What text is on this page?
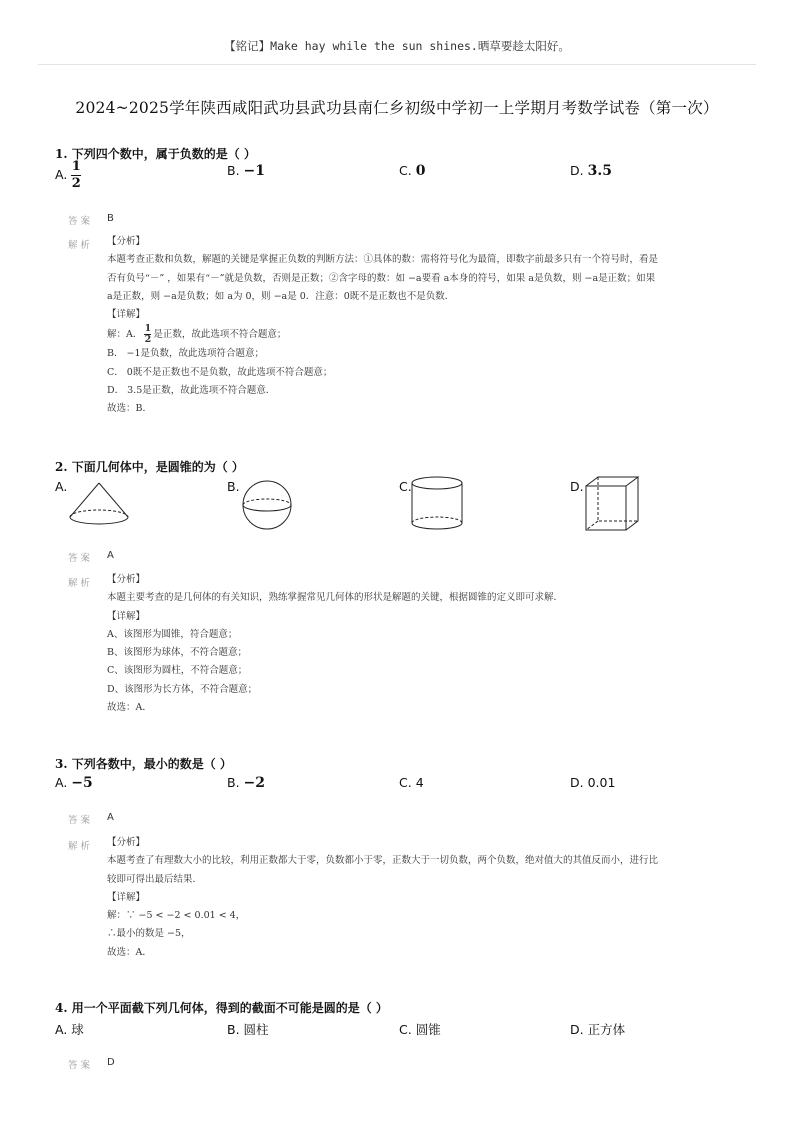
【铭记】Make hay while the sun shines.晒草要趁太阳好。
2024~2025学年陕西咸阳武功县武功县南仁乡初级中学初一上学期月考数学试卷（第一次）
1. 下列四个数中，属于负数的是（ ）
A. $\frac{1}{2}$	B. −1	C. 0	D. 3.5
答案 B
解析 【分析】
本题考查正数和负数，解题的关键是掌握正负数的判断方法：①具体的数：需将符号化为最简，即数字前最多只有一个符号时，看是
否有负号“－” ，如果有“－”就是负数，否则是正数；②含字母的数：如 −a要看 a本身的符号，如果 a是负数，则 −a是正数；如果
a是正数，则 −a是负数；如 a为 0，则 −a是 0．注意：0既不是正数也不是负数．
【详解】
解：A． $\frac{1}{2}$ 是正数，故此选项不符合题意；
B． −1是负数，故此选项符合题意；
C． 0既不是正数也不是负数，故此选项不符合题意；
D． 3.5是正数，故此选项不符合题意．
故选：B．
2. 下面几何体中，是圆锥的为（ ）
A.	B.	C.	D.
答案 A
解析 【分析】
本题主要考查的是几何体的有关知识，熟练掌握常见几何体的形状是解题的关键，根据圆锥的定义即可求解．
【详解】
A、该图形为圆锥，符合题意；
B、该图形为球体，不符合题意；
C、该图形为圆柱，不符合题意；
D、该图形为长方体，不符合题意；
故选：A．
3. 下列各数中，最小的数是（ ）
A. −5	B. −2	C. 4	D. 0.01
答案 A
解析 【分析】
本题考查了有理数大小的比较，利用正数都大于零，负数都小于零，正数大于一切负数，两个负数，绝对值大的其值反而小，进行比
较即可得出最后结果．
【详解】
解：∵ −5 < −2 < 0.01 < 4，
∴最小的数是 −5，
故选：A．
4. 用一个平面截下列几何体，得到的截面不可能是圆的是（ ）
A. 球	B. 圆柱	C. 圆锥	D. 正方体
答案 D
